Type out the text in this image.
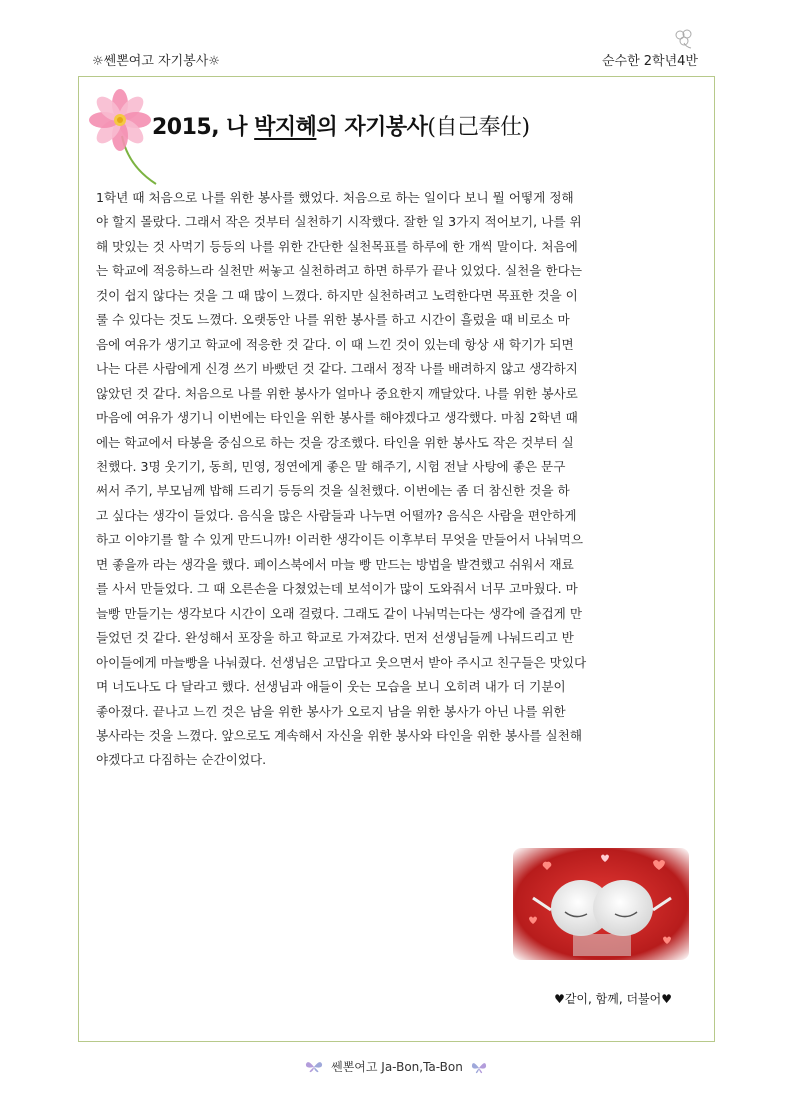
☼쎈뽄여고 자기봉사☼	순수한 2학년4반
2015, 나 박지혜의 자기봉사(自己奉仕)
1학년 때 처음으로 나를 위한 봉사를 했었다. 처음으로 하는 일이다 보니 뭘 어떻게 정해
야 할지 몰랐다. 그래서 작은 것부터 실천하기 시작했다. 잘한 일 3가지 적어보기, 나를 위
해 맛있는 것 사먹기 등등의 나를 위한 간단한 실천목표를 하루에 한 개씩 말이다. 처음에
는 학교에 적응하느라 실천만 써놓고 실천하려고 하면 하루가 끝나 있었다. 실천을 한다는
것이 쉽지 않다는 것을 그 때 많이 느꼈다. 하지만 실천하려고 노력한다면 목표한 것을 이
룰 수 있다는 것도 느꼈다. 오랫동안 나를 위한 봉사를 하고 시간이 흘렀을 때 비로소 마
음에 여유가 생기고 학교에 적응한 것 같다. 이 때 느낀 것이 있는데 항상 새 학기가 되면
나는 다른 사람에게 신경 쓰기 바빴던 것 같다. 그래서 정작 나를 배려하지 않고 생각하지
않았던 것 같다. 처음으로 나를 위한 봉사가 얼마나 중요한지 깨달았다. 나를 위한 봉사로
마음에 여유가 생기니 이번에는 타인을 위한 봉사를 해야겠다고 생각했다. 마침 2학년 때
에는 학교에서 타봉을 중심으로 하는 것을 강조했다. 타인을 위한 봉사도 작은 것부터 실
천했다. 3명 웃기기, 동희, 민영, 정연에게 좋은 말 해주기, 시험 전날 사탕에 좋은 문구
써서 주기, 부모님께 밥해 드리기 등등의 것을 실천했다. 이번에는 좀 더 참신한 것을 하
고 싶다는 생각이 들었다. 음식을 많은 사람들과 나누면 어떨까? 음식은 사람을 편안하게
하고 이야기를 할 수 있게 만드니까! 이러한 생각이든 이후부터 무엇을 만들어서 나눠먹으
면 좋을까 라는 생각을 했다. 페이스북에서 마늘 빵 만드는 방법을 발견했고 쉬워서 재료
를 사서 만들었다. 그 때 오른손을 다쳤었는데 보석이가 많이 도와줘서 너무 고마웠다. 마
늘빵 만들기는 생각보다 시간이 오래 걸렸다. 그래도 같이 나눠먹는다는 생각에 즐겁게 만
들었던 것 같다. 완성해서 포장을 하고 학교로 가져갔다. 먼저 선생님들께 나눠드리고 반
아이들에게 마늘빵을 나눠줬다. 선생님은 고맙다고 웃으면서 받아 주시고 친구들은 맛있다
며 너도나도 다 달라고 했다. 선생님과 애들이 웃는 모습을 보니 오히려 내가 더 기분이
좋아졌다. 끝나고 느낀 것은 남을 위한 봉사가 오로지 남을 위한 봉사가 아닌 나를 위한
봉사라는 것을 느꼈다. 앞으로도 계속해서 자신을 위한 봉사와 타인을 위한 봉사를 실천해
야겠다고 다짐하는 순간이었다.
♥같이, 함께, 더불어♥
쎈뽄여고 Ja-Bon,Ta-Bon
